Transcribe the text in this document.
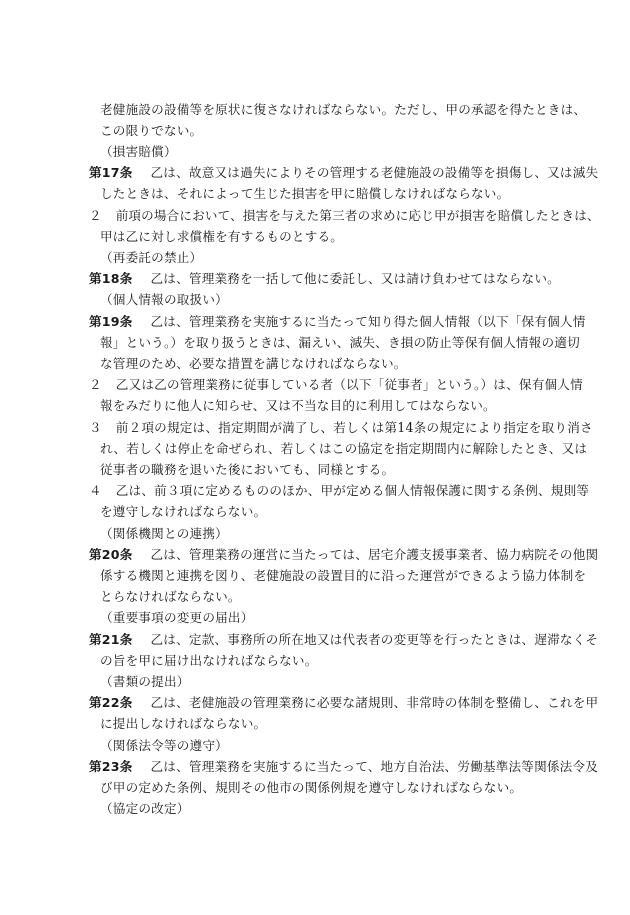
老健施設の設備等を原状に復さなければならない。ただし、甲の承認を得たときは、
この限りでない。
（損害賠償）
第17条 乙は、故意又は過失によりその管理する老健施設の設備等を損傷し、又は滅失
したときは、それによって生じた損害を甲に賠償しなければならない。
２ 前項の場合において、損害を与えた第三者の求めに応じ甲が損害を賠償したときは、
甲は乙に対し求償権を有するものとする。
（再委託の禁止）
第18条 乙は、管理業務を一括して他に委託し、又は請け負わせてはならない。
（個人情報の取扱い）
第19条 乙は、管理業務を実施するに当たって知り得た個人情報（以下「保有個人情
報」という。）を取り扱うときは、漏えい、滅失、き損の防止等保有個人情報の適切
な管理のため、必要な措置を講じなければならない。
２ 乙又は乙の管理業務に従事している者（以下「従事者」という。）は、保有個人情
報をみだりに他人に知らせ、又は不当な目的に利用してはならない。
３ 前２項の規定は、指定期間が満了し、若しくは第14条の規定により指定を取り消さ
れ、若しくは停止を命ぜられ、若しくはこの協定を指定期間内に解除したとき、又は
従事者の職務を退いた後においても、同様とする。
４ 乙は、前３項に定めるもののほか、甲が定める個人情報保護に関する条例、規則等
を遵守しなければならない。
（関係機関との連携）
第20条 乙は、管理業務の運営に当たっては、居宅介護支援事業者、協力病院その他関
係する機関と連携を図り、老健施設の設置目的に沿った運営ができるよう協力体制を
とらなければならない。
（重要事項の変更の届出）
第21条 乙は、定款、事務所の所在地又は代表者の変更等を行ったときは、遅滞なくそ
の旨を甲に届け出なければならない。
（書類の提出）
第22条 乙は、老健施設の管理業務に必要な諸規則、非常時の体制を整備し、これを甲
に提出しなければならない。
（関係法令等の遵守）
第23条 乙は、管理業務を実施するに当たって、地方自治法、労働基準法等関係法令及
び甲の定めた条例、規則その他市の関係例規を遵守しなければならない。
（協定の改定）
